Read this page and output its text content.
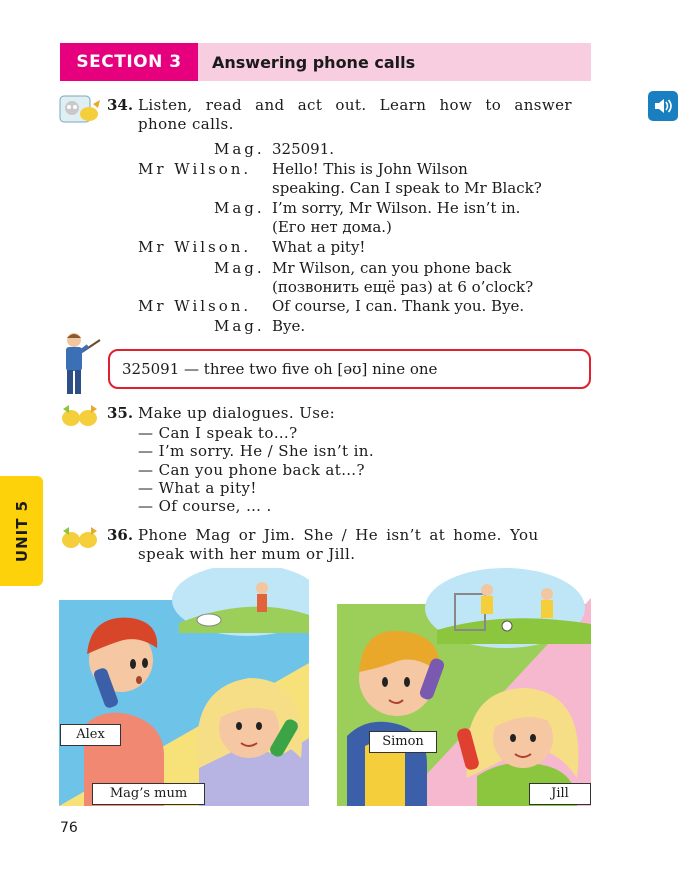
SECTION 3	Answering phone calls
34. Listen, read and act out. Learn how to answer
phone calls.
Mag. 325091.
Mr Wilson. Hello! This is John Wilson
speaking. Can I speak to Mr Black?
Mag. I’m sorry, Mr Wilson. He isn’t in.
(Его нет дома.)
Mr Wilson. What a pity!
Mag. Mr Wilson, can you phone back
(позвонить ещё раз) at 6 o’clock?
Mr Wilson. Of course, I can. Thank you. Bye.
Mag. Bye.
325091 — three two five oh [əʊ] nine one
35. Make up dialogues. Use:
— Can I speak to…?
— I’m sorry. He / She isn’t in.
— Can you phone back at…?
— What a pity!
— Of course, … .
UNIT 5	36. Phone Mag or Jim. She / He isn’t at home. You
speak with her mum or Jill.
Alex
Mag’s mum
Simon
Jill
76
